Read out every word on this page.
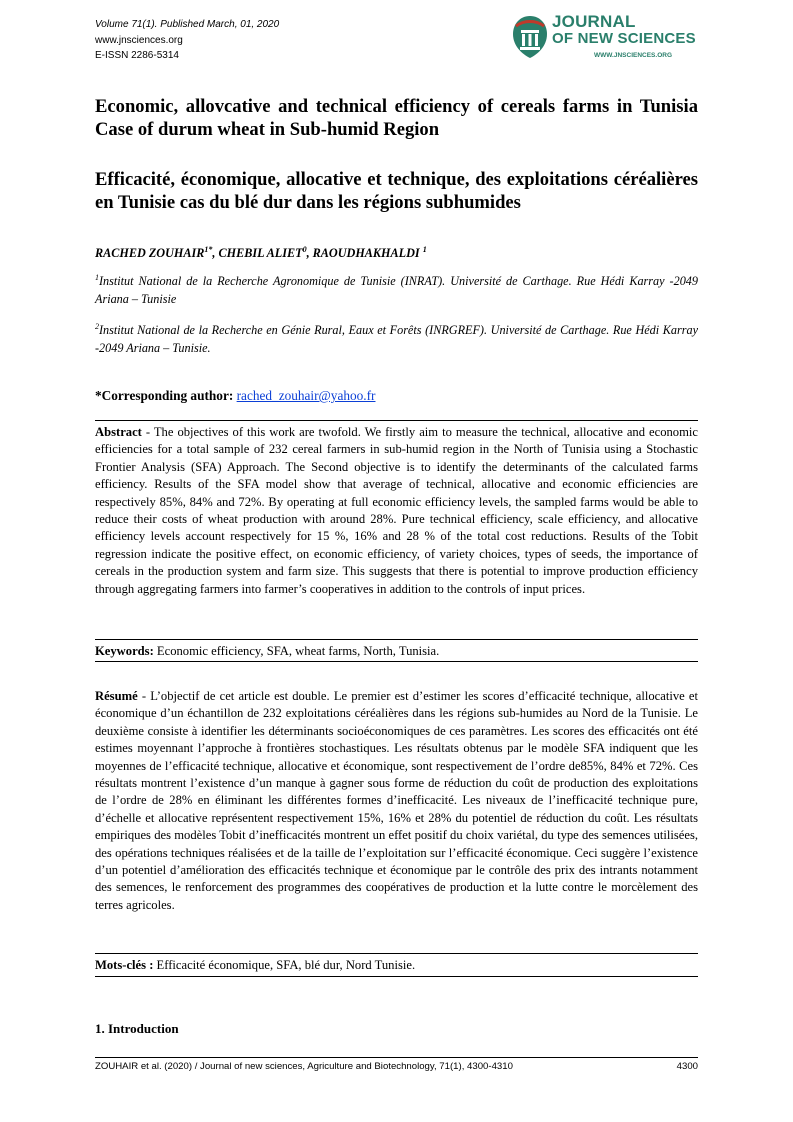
Volume 71(1). Published March, 01, 2020
www.jnsciences.org
E-ISSN 2286-5314
JOURNAL
OF NEW SCIENCES
WWW.JNSCIENCES.ORG
Economic, allovcative and technical efficiency of cereals farms in Tunisia Case of durum wheat in Sub-humid Region
Efficacité, économique, allocative et technique, des exploitations céréalières en Tunisie cas du blé dur dans les régions subhumides
RACHED $ZOUHAIR^{1*}$, CHEBIL ALIET$^0$, RAOUDHAKHALDI $^1$
$^1$Institut National de la Recherche Agronomique de Tunisie (INRAT). Université de Carthage. Rue Hédi Karray -2049 Ariana – Tunisie
$^2$Institut National de la Recherche en Génie Rural, Eaux et Forêts (INRGREF). Université de Carthage. Rue Hédi Karray -2049 Ariana – Tunisie.
*Corresponding author: rached_zouhair@yahoo.fr
Abstract - The objectives of this work are twofold. We firstly aim to measure the technical, allocative and economic efficiencies for a total sample of 232 cereal farmers in sub-humid region in the North of Tunisia using a Stochastic Frontier Analysis (SFA) Approach. The Second objective is to identify the determinants of the calculated farms efficiency. Results of the SFA model show that average of technical, allocative and economic efficiencies are respectively 85%, 84% and 72%. By operating at full economic efficiency levels, the sampled farms would be able to reduce their costs of wheat production with around 28%. Pure technical efficiency, scale efficiency, and allocative efficiency levels account respectively for 15 %, 16% and 28 % of the total cost reductions. Results of the Tobit regression indicate the positive effect, on economic efficiency, of variety choices, types of seeds, the importance of cereals in the production system and farm size. This suggests that there is potential to improve production efficiency through aggregating farmers into farmer’s cooperatives in addition to the controls of input prices.
Keywords: Economic efficiency, SFA, wheat farms, North, Tunisia.
Résumé - L’objectif de cet article est double. Le premier est d’estimer les scores d’efficacité technique, allocative et économique d’un échantillon de 232 exploitations céréalières dans les régions sub-humides au Nord de la Tunisie. Le deuxième consiste à identifier les déterminants socioéconomiques de ces paramètres. Les scores des efficacités ont été estimes moyennant l’approche à frontières stochastiques. Les résultats obtenus par le modèle SFA indiquent que les moyennes de l’efficacité technique, allocative et économique, sont respectivement de l’ordre de85%, 84% et 72%. Ces résultats montrent l’existence d’un manque à gagner sous forme de réduction du coût de production des exploitations de l’ordre de 28% en éliminant les différentes formes d’inefficacité. Les niveaux de l’inefficacité technique pure, d’échelle et allocative représentent respectivement 15%, 16% et 28% du potentiel de réduction du coût. Les résultats empiriques des modèles Tobit d’inefficacités montrent un effet positif du choix variétal, du type des semences utilisées, des opérations techniques réalisées et de la taille de l’exploitation sur l’efficacité économique. Ceci suggère l’existence d’un potentiel d’amélioration des efficacités technique et économique par le contrôle des prix des intrants notamment des semences, le renforcement des programmes des coopératives de production et la lutte contre le morcèlement des terres agricoles.
Mots-clés : Efficacité économique, SFA, blé dur, Nord Tunisie.
1. Introduction
ZOUHAIR et al. (2020) / Journal of new sciences, Agriculture and Biotechnology, 71(1), 4300-4310	4300
